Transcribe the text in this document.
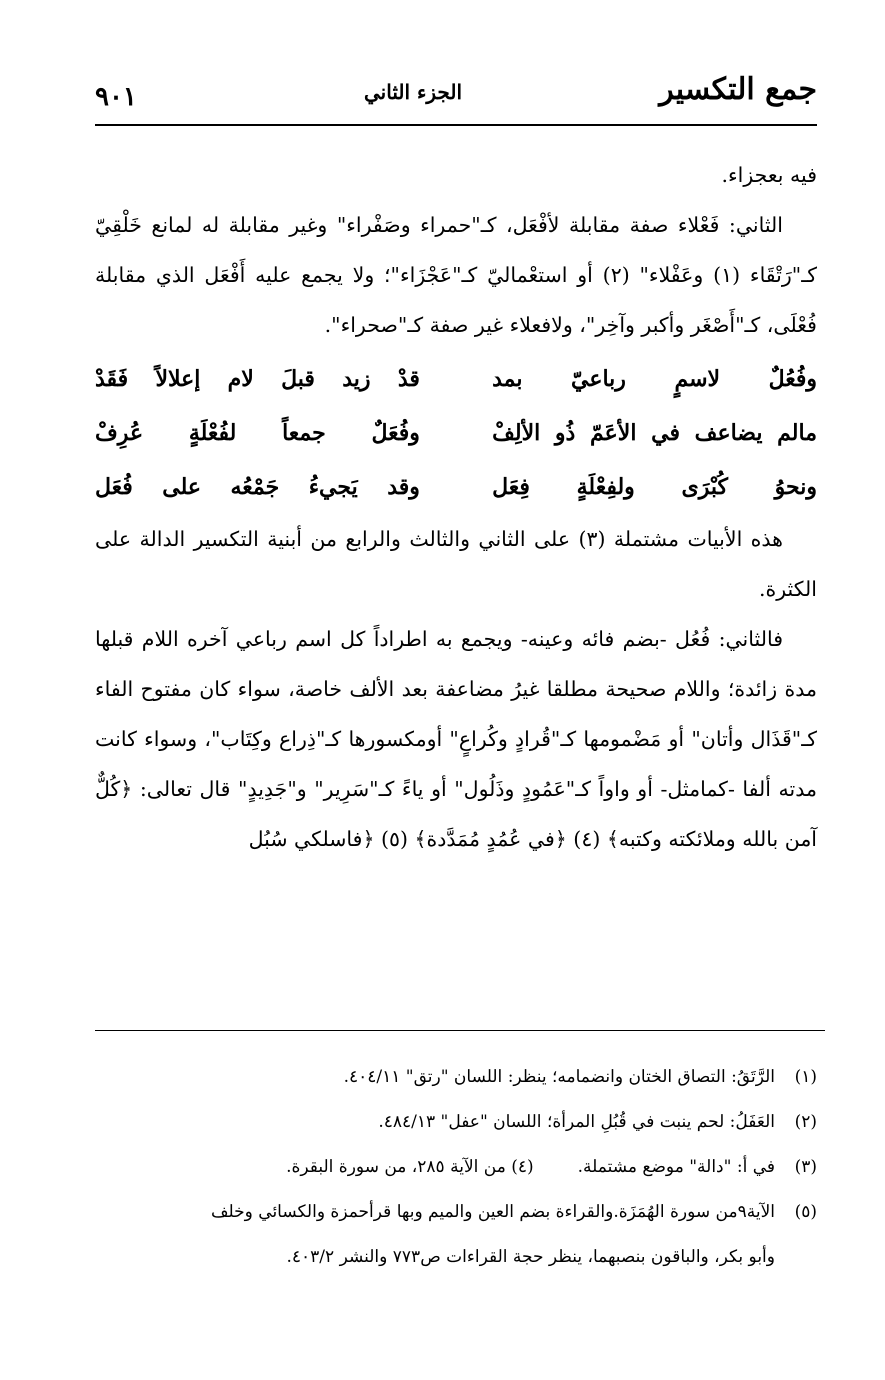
جمع التكسير
الجزء الثاني
٩٠١

فيه بعجزاء.

الثاني: فَعْلاء صفة مقابلة لأفْعَل، كـ"حمراء وصَفْراء" وغير مقابلة له لمانع خَلْقِيّ كـ"رَتْقَاء (١) وعَفْلاء" (٢) أو استعْماليّ كـ"عَجْزَاء"؛ ولا يجمع عليه أَفْعَل الذي مقابلة فُعْلَى، كـ"أَصْغَر وأكبر وآخِر"، ولافعلاء غير صفة كـ"صحراء".

وفُعُلٌ لاسمٍ رباعيّ بمد
قدْ زيد قبلَ لام إعلالاً فَقَدْ
مالم يضاعف في الأعَمّ ذُو الألِفْ
وفُعَلٌ جمعاً لفُعْلَةٍ عُرِفْ
ونحوُ كُبْرَى ولفِعْلَةٍ فِعَل
وقد يَجيءُ جَمْعُه على فُعَل

هذه الأبيات مشتملة (٣) على الثاني والثالث والرابع من أبنية التكسير الدالة على الكثرة.

فالثاني: فُعُل -بضم فائه وعينه- ويجمع به اطراداً كل اسم رباعي آخره اللام قبلها مدة زائدة؛ واللام صحيحة مطلقا غيرُ مضاعفة بعد الألف خاصة، سواء كان مفتوح الفاء كـ"قَذَال وأتان" أو مَضْمومها كـ"قُرادٍ وكُراعٍ" أومكسورها كـ"ذِراع وكِتَاب"، وسواء كانت مدته ألفا -كمامثل- أو واواً كـ"عَمُودٍ وذَلُول" أو ياءً كـ"سَرِير" و"جَدِيدٍ" قال تعالى: ﴿كُلٌّ آمن بالله وملائكته وكتبه﴾ (٤) ﴿في عُمُدٍ مُمَدَّدة﴾ (٥) ﴿فاسلكي سُبُل

(١)
الرَّتَقُ: التصاق الختان وانضمامه؛ ينظر: اللسان "رتق" ٤٠٤/١١.
(٢)
العَفَلُ: لحم ينبت في قُبُلِ المرأة؛ اللسان "عفل" ٤٨٤/١٣.
(٣)
في أ: "دالة" موضع مشتملة.(٤) من الآية ٢٨٥، من سورة البقرة.
(٥)
الآية٩من سورة الهُمَزَة.والقراءة بضم العين والميم وبها قرأحمزة والكسائي وخلف
وأبو بكر، والباقون بنصبهما، ينظر حجة القراءات ص٧٧٣ والنشر ٤٠٣/٢.
